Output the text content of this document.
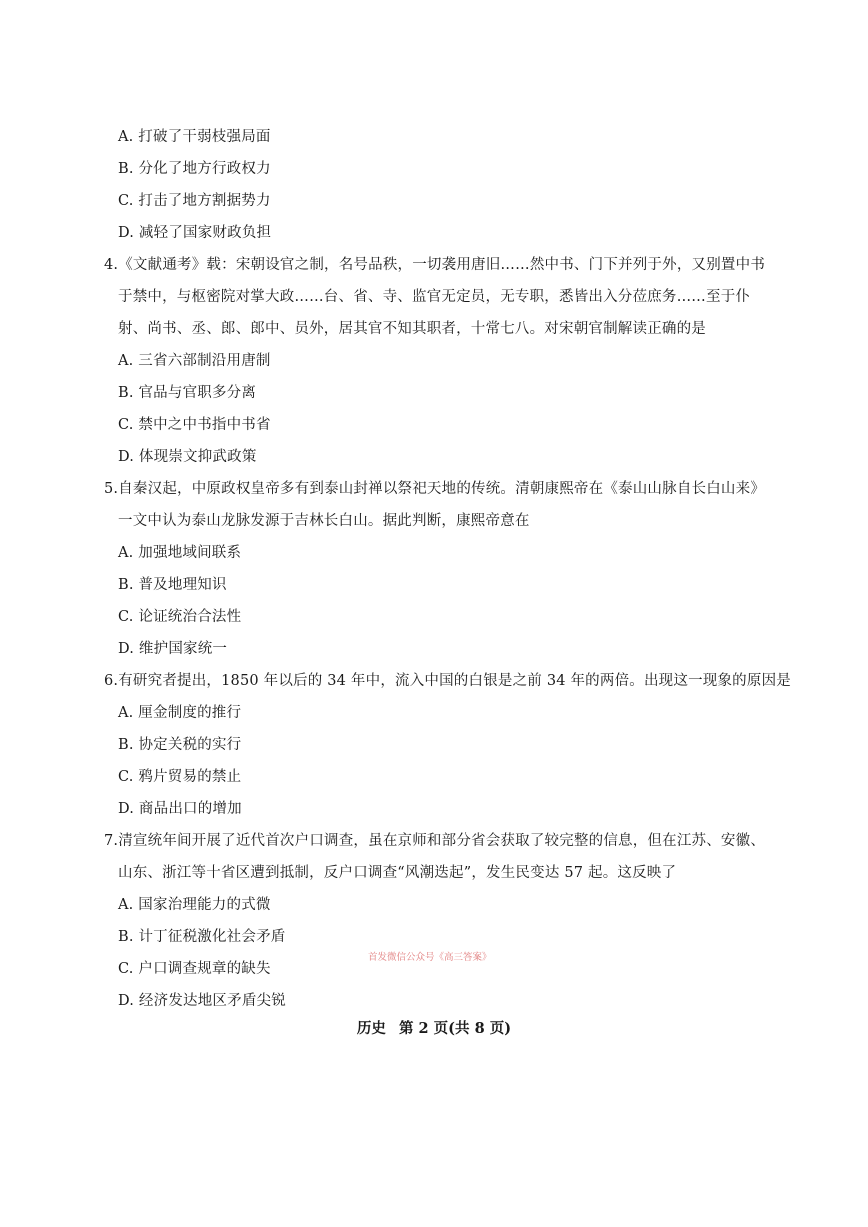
A. 打破了干弱枝强局面
B. 分化了地方行政权力
C. 打击了地方割据势力
D. 减轻了国家财政负担
4.《文献通考》载：宋朝设官之制，名号品秩，一切袭用唐旧……然中书、门下并列于外，又别置中书
于禁中，与枢密院对掌大政……台、省、寺、监官无定员，无专职，悉皆出入分莅庶务……至于仆
射、尚书、丞、郎、郎中、员外，居其官不知其职者，十常七八。对宋朝官制解读正确的是
A. 三省六部制沿用唐制
B. 官品与官职多分离
C. 禁中之中书指中书省
D. 体现崇文抑武政策
5.自秦汉起，中原政权皇帝多有到泰山封禅以祭祀天地的传统。清朝康熙帝在《泰山山脉自长白山来》
一文中认为泰山龙脉发源于吉林长白山。据此判断，康熙帝意在
A. 加强地域间联系
B. 普及地理知识
C. 论证统治合法性
D. 维护国家统一
6.有研究者提出，1850 年以后的 34 年中，流入中国的白银是之前 34 年的两倍。出现这一现象的原因是
A. 厘金制度的推行
B. 协定关税的实行
C. 鸦片贸易的禁止
D. 商品出口的增加
7.清宣统年间开展了近代首次户口调查，虽在京师和部分省会获取了较完整的信息，但在江苏、安徽、
山东、浙江等十省区遭到抵制，反户口调查“风潮迭起”，发生民变达 57 起。这反映了
A. 国家治理能力的式微
B. 计丁征税激化社会矛盾
C. 户口调查规章的缺失
D. 经济发达地区矛盾尖锐
首发微信公众号《高三答案》
历史 第 2 页(共 8 页)
